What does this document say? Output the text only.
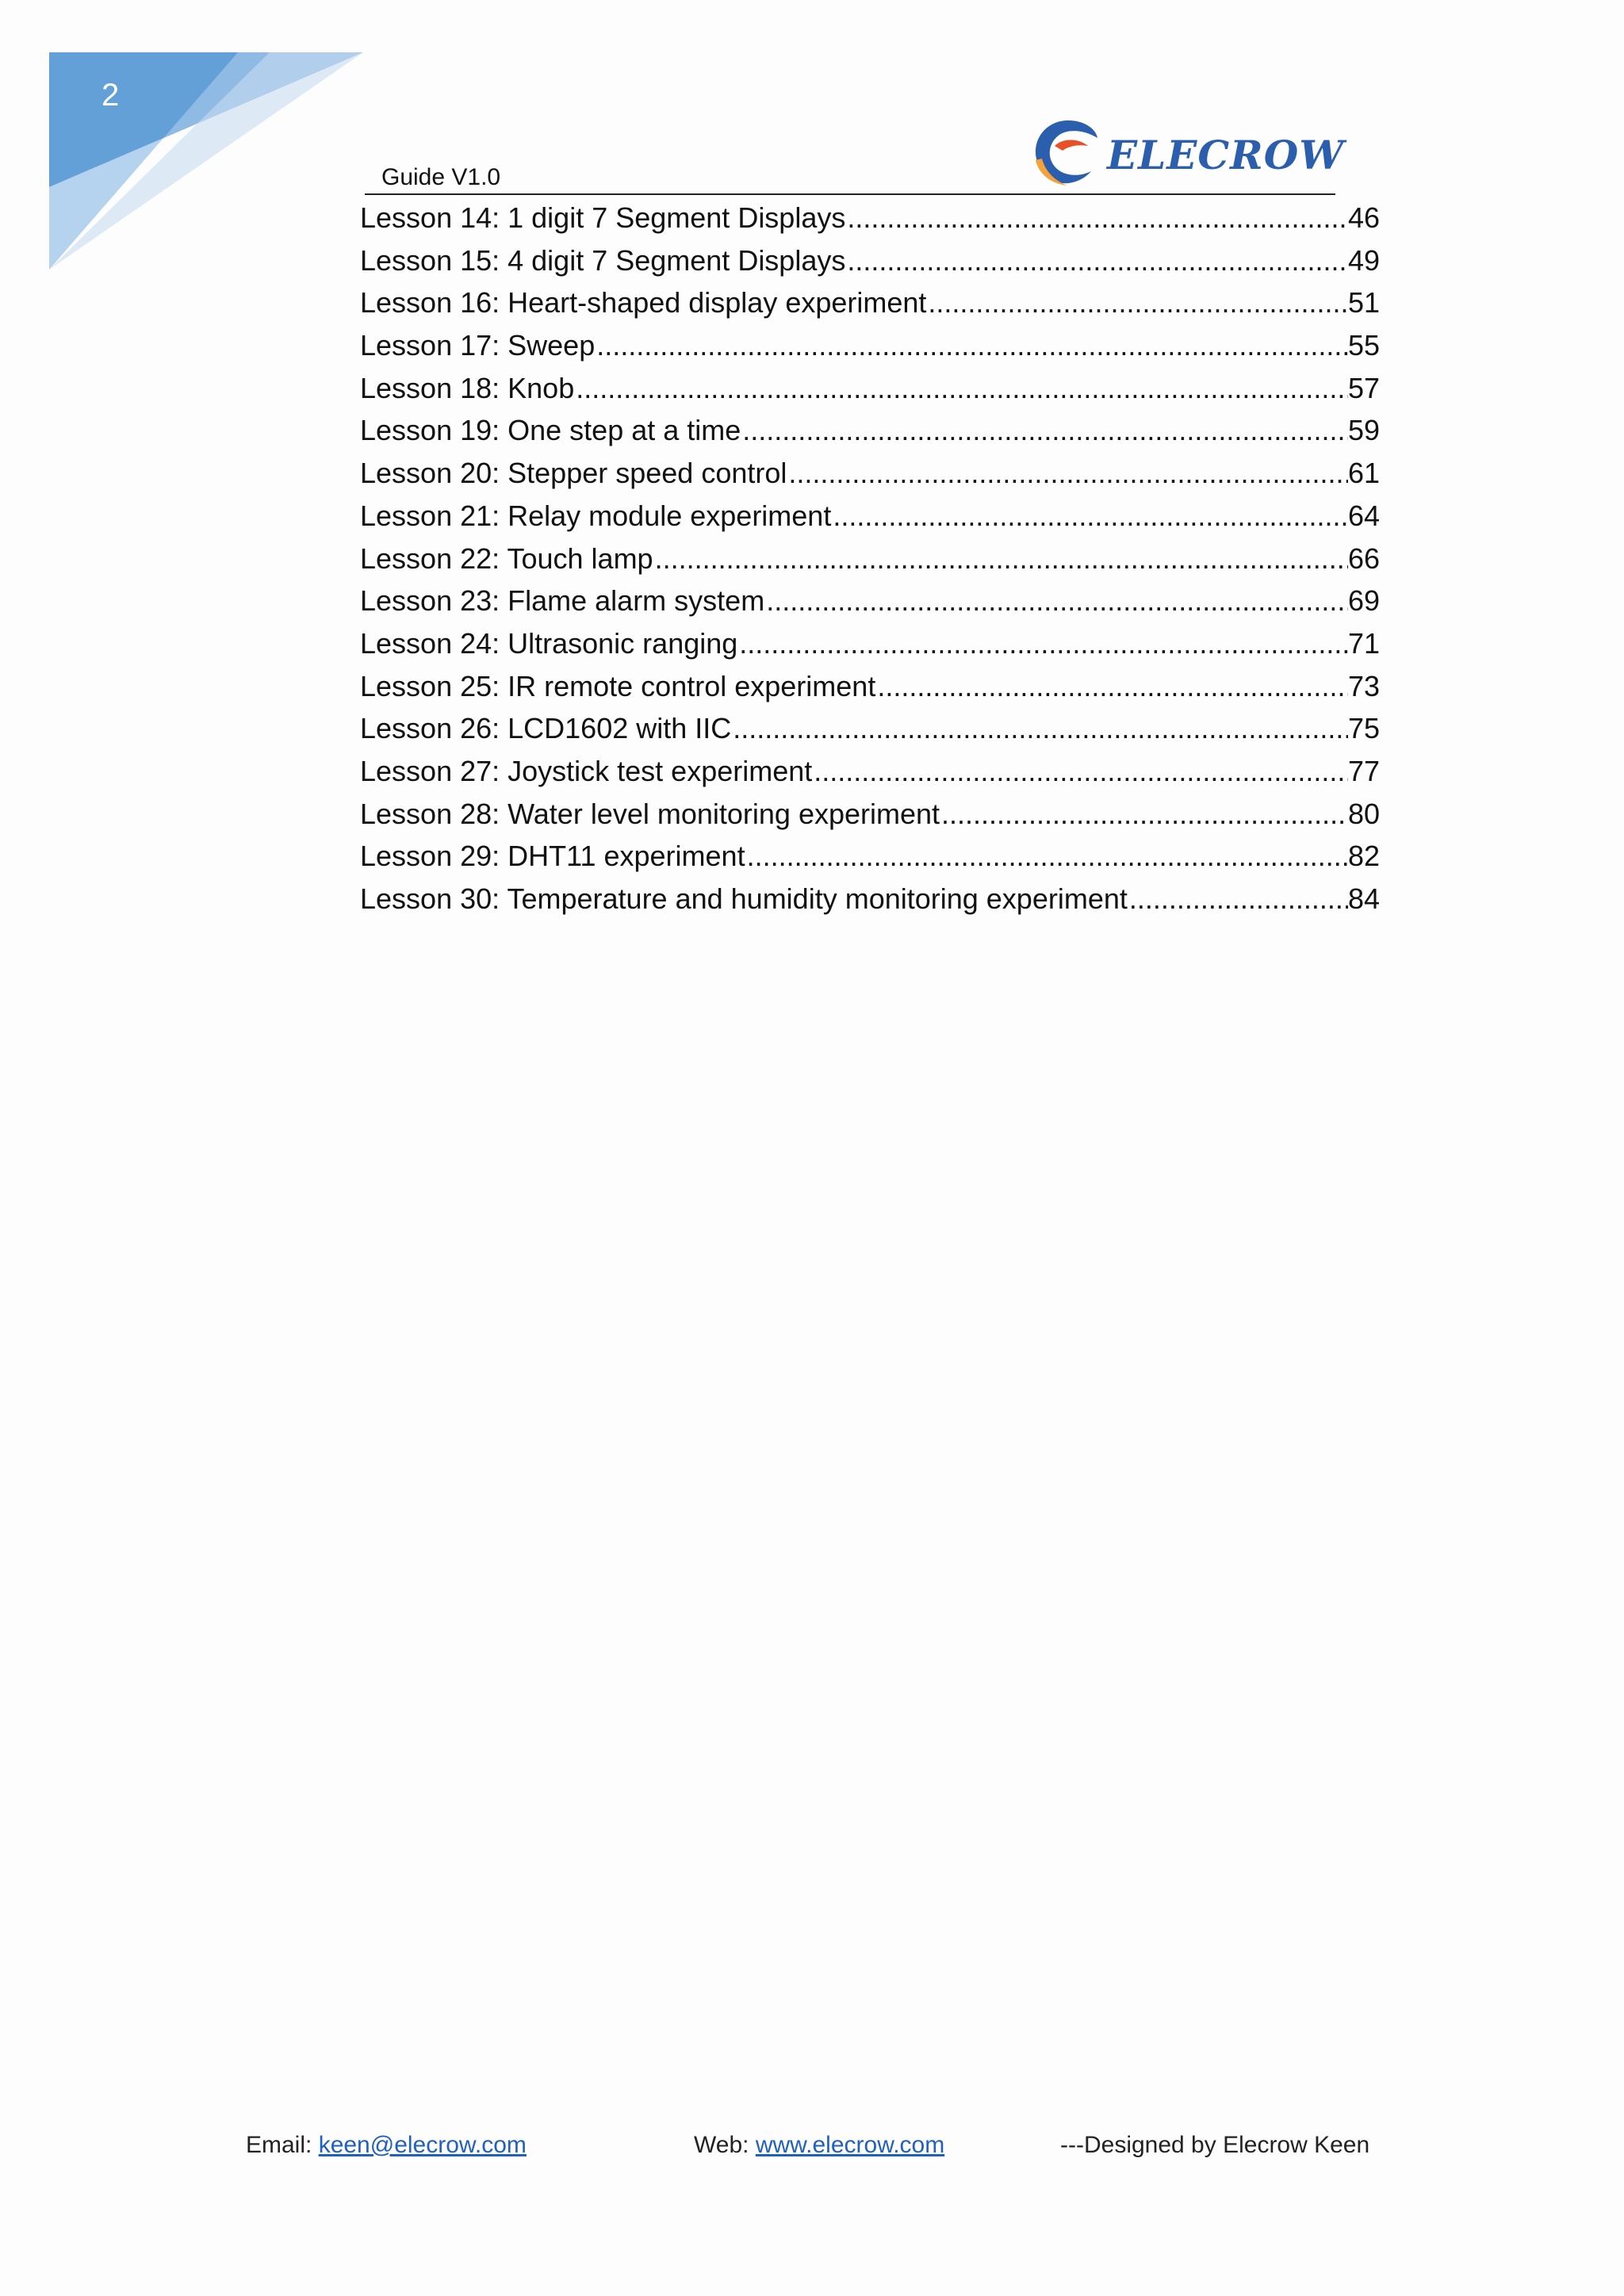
2
Guide V1.0	ELECROW
Lesson 14: 1 digit 7 Segment Displays .....	46
Lesson 15: 4 digit 7 Segment Displays .....	49
Lesson 16: Heart-shaped display experiment .....	51
Lesson 17: Sweep .....	55
Lesson 18: Knob .....	57
Lesson 19: One step at a time .....	59
Lesson 20: Stepper speed control .....	61
Lesson 21: Relay module experiment .....	64
Lesson 22: Touch lamp .....	66
Lesson 23: Flame alarm system .....	69
Lesson 24: Ultrasonic ranging .....	71
Lesson 25: IR remote control experiment .....	73
Lesson 26: LCD1602 with IIC .....	75
Lesson 27: Joystick test experiment .....	77
Lesson 28: Water level monitoring experiment .....	80
Lesson 29: DHT11 experiment .....	82
Lesson 30: Temperature and humidity monitoring experiment .....	84
Email: keen@elecrow.com	Web: www.elecrow.com	---Designed by Elecrow Keen
